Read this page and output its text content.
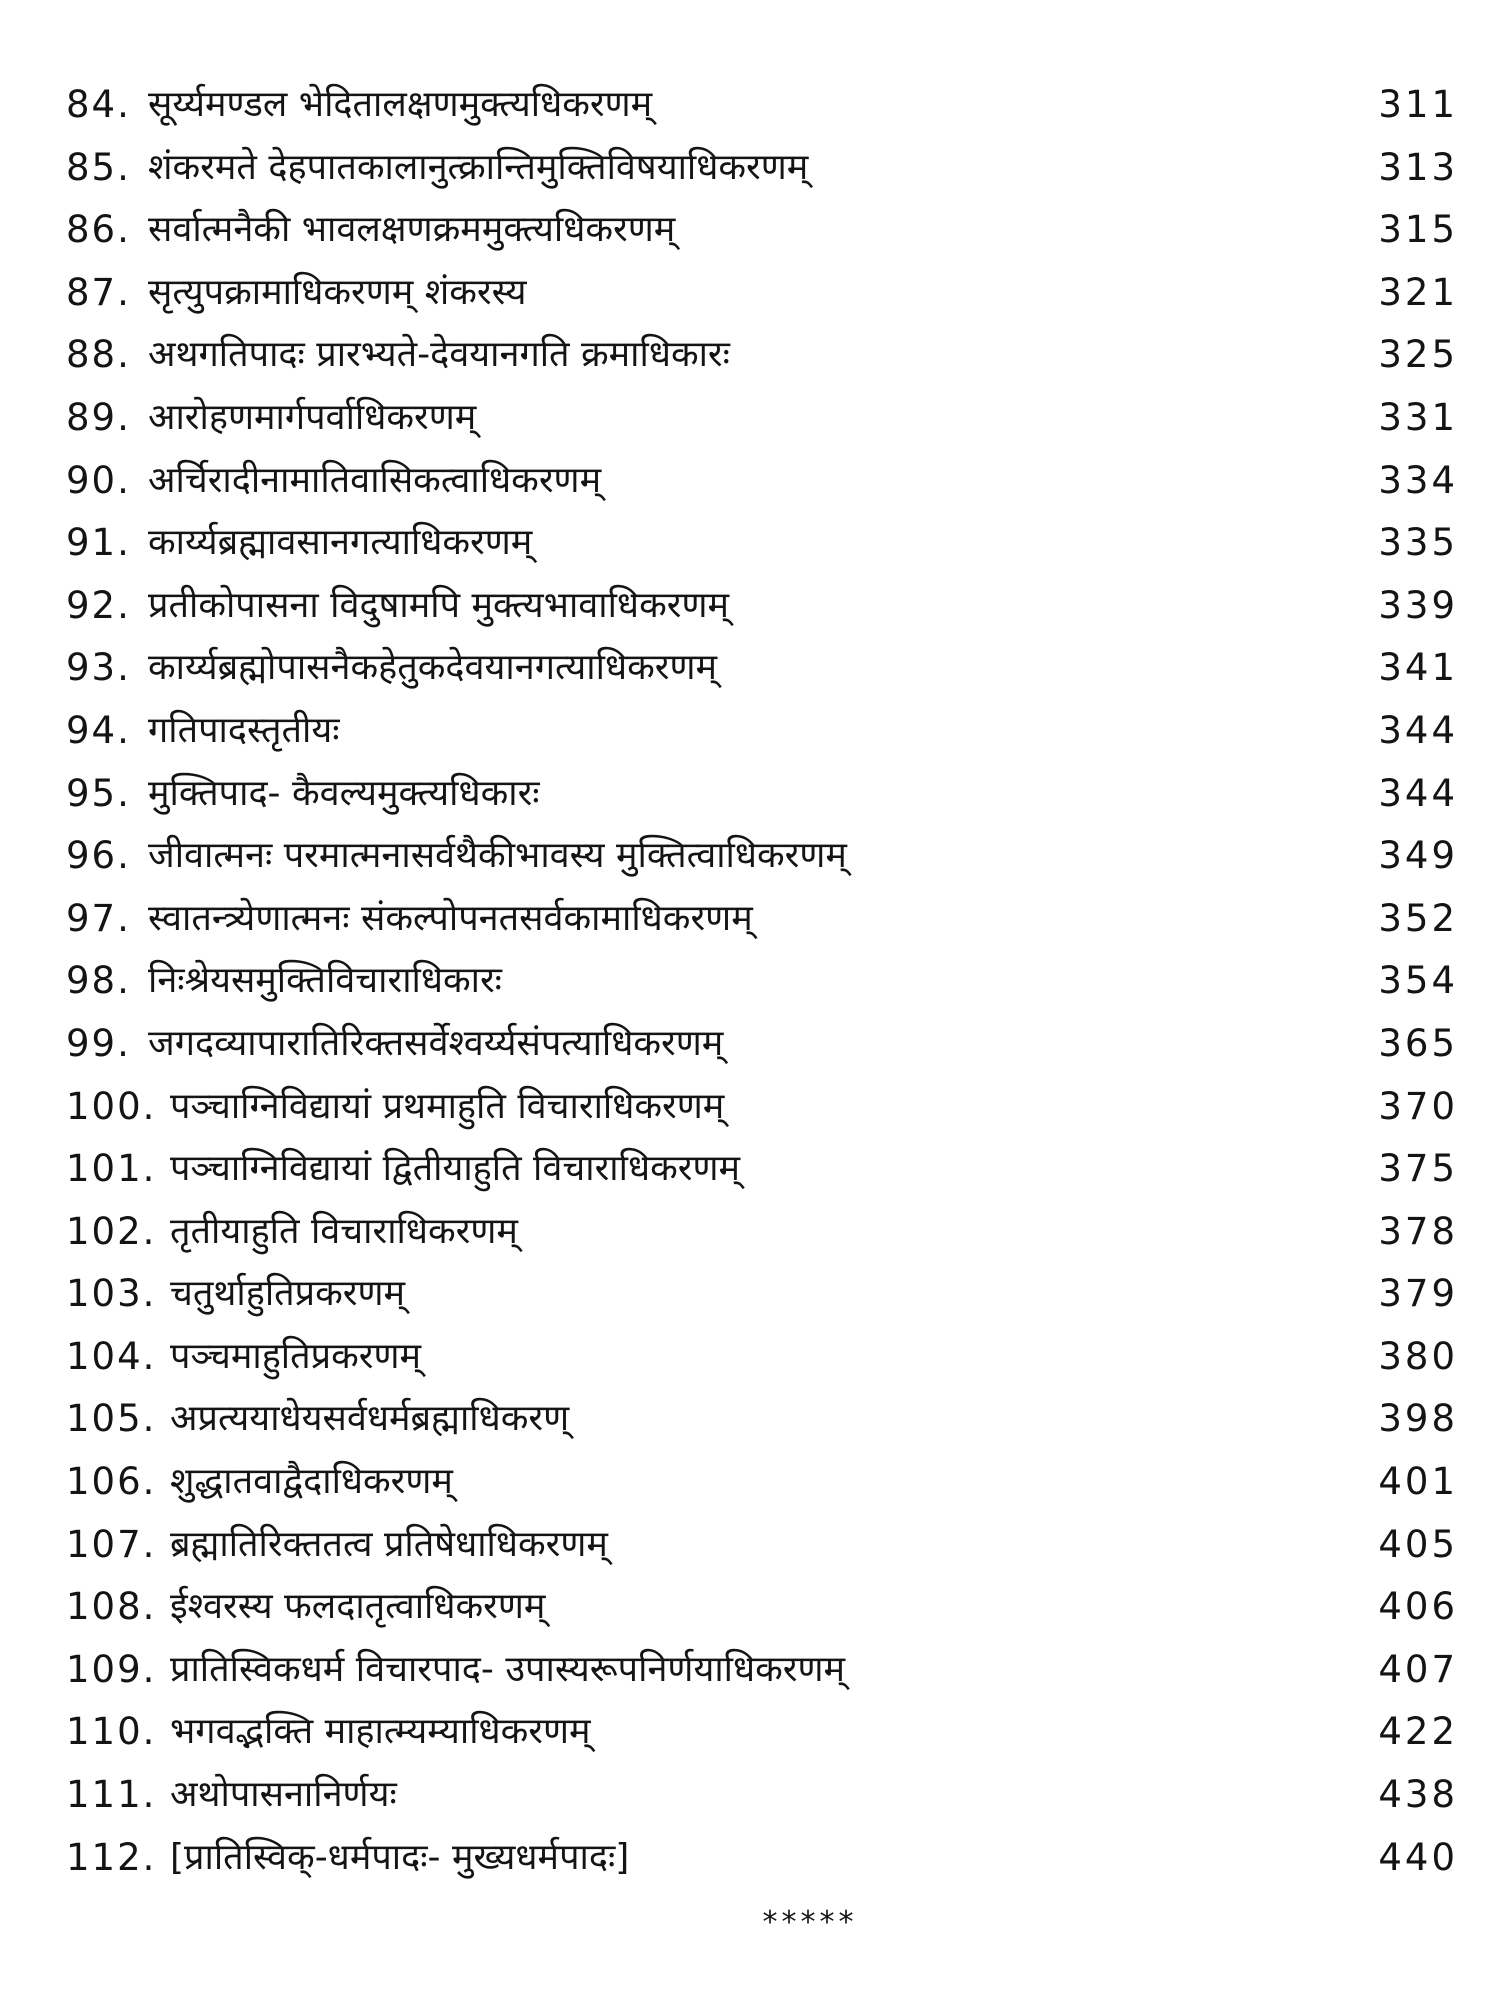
84. सूर्य्यमण्डल भेदितालक्षणमुक्त्यधिकरणम्	311
85. शंकरमते देहपातकालानुत्क्रान्तिमुक्तिविषयाधिकरणम्	313
86. सर्वात्मनैकी भावलक्षणक्रममुक्त्यधिकरणम्	315
87. सृत्युपक्रामाधिकरणम् शंकरस्य	321
88. अथगतिपादः प्रारभ्यते-देवयानगति क्रमाधिकारः	325
89. आरोहणमार्गपर्वाधिकरणम्	331
90. अर्चिरादीनामातिवासिकत्वाधिकरणम्	334
91. कार्य्यब्रह्मावसानगत्याधिकरणम्	335
92. प्रतीकोपासना विदुषामपि मुक्त्यभावाधिकरणम्	339
93. कार्य्यब्रह्मोपासनैकहेतुकदेवयानगत्याधिकरणम्	341
94. गतिपादस्तृतीयः	344
95. मुक्तिपाद- कैवल्यमुक्त्यधिकारः	344
96. जीवात्मनः परमात्मनासर्वथैकीभावस्य मुक्तित्वाधिकरणम्	349
97. स्वातन्त्र्येणात्मनः संकल्पोपनतसर्वकामाधिकरणम्	352
98. निःश्रेयसमुक्तिविचाराधिकारः	354
99. जगदव्यापारातिरिक्तसर्वेश्वर्य्यसंपत्याधिकरणम्	365
100. पञ्चाग्निविद्यायां प्रथमाहुति विचाराधिकरणम्	370
101. पञ्चाग्निविद्यायां द्वितीयाहुति विचाराधिकरणम्	375
102. तृतीयाहुति विचाराधिकरणम्	378
103. चतुर्थाहुतिप्रकरणम्	379
104. पञ्चमाहुतिप्रकरणम्	380
105. अप्रत्ययाधेयसर्वधर्मब्रह्माधिकरण्	398
106. शुद्धातवाद्वैदाधिकरणम्	401
107. ब्रह्मातिरिक्ततत्व प्रतिषेधाधिकरणम्	405
108. ईश्वरस्य फलदातृत्वाधिकरणम्	406
109. प्रातिस्विकधर्म विचारपाद- उपास्यरूपनिर्णयाधिकरणम्	407
110. भगवद्भक्ति माहात्म्यम्याधिकरणम्	422
111. अथोपासनानिर्णयः	438
112. [प्रातिस्विक्-धर्मपादः- मुख्यधर्मपादः]	440
*****
